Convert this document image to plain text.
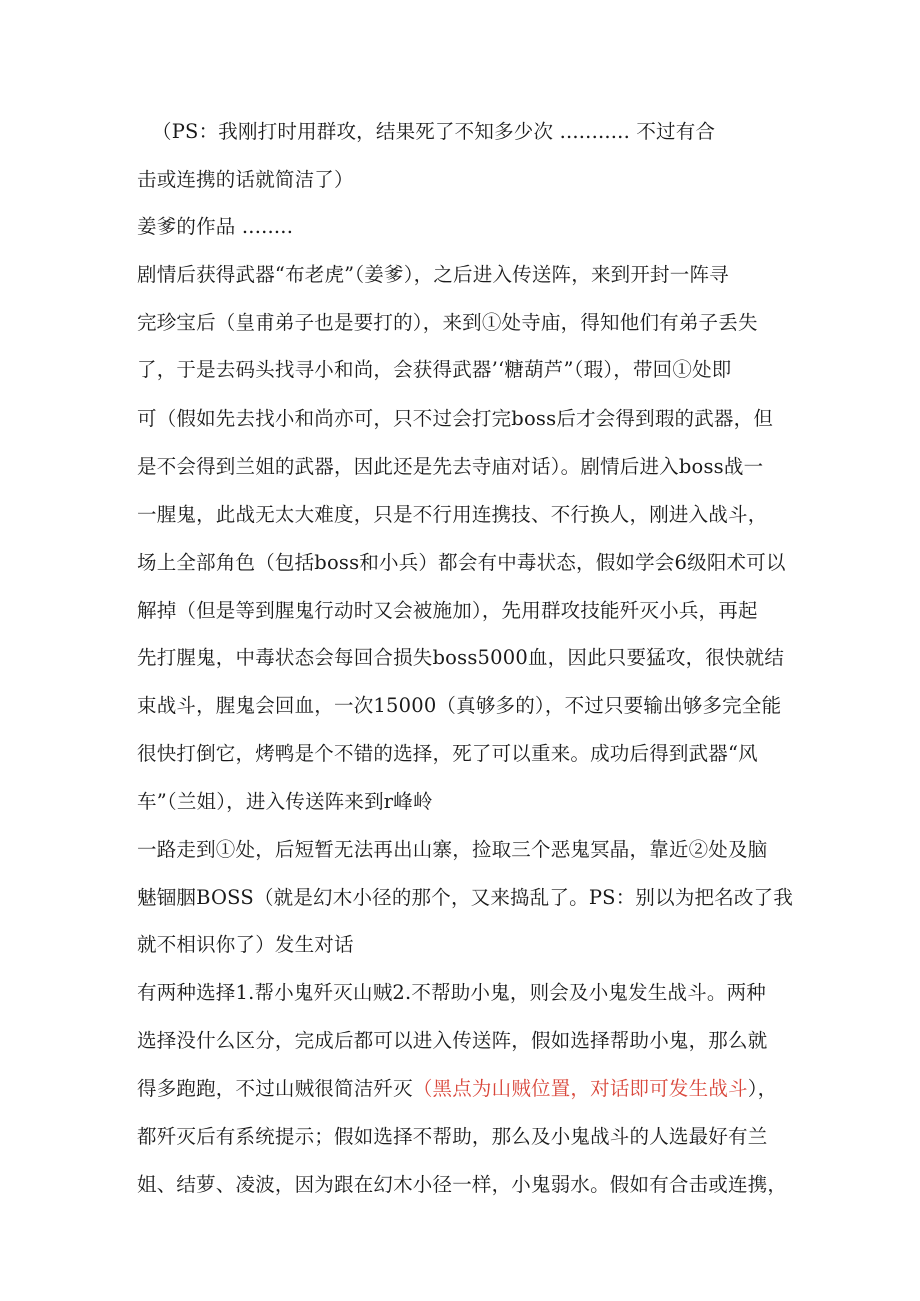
（PS：我刚打时用群攻，结果死了不知多少次 ........... 不过有合
击或连携的话就简洁了）
姜爹的作品 ........
剧情后获得武器“布老虎”（姜爹），之后进入传送阵，来到开封一阵寻
完珍宝后（皇甫弟子也是要打的），来到①处寺庙，得知他们有弟子丢失
了，于是去码头找寻小和尚，会获得武器’‘糖葫芦”（瑕），带回①处即
可（假如先去找小和尚亦可，只不过会打完boss后才会得到瑕的武器，但
是不会得到兰姐的武器，因此还是先去寺庙对话）。剧情后进入boss战一
一腥鬼，此战无太大难度，只是不行用连携技、不行换人，刚进入战斗，
场上全部角色（包括boss和小兵）都会有中毒状态，假如学会6级阳术可以
解掉（但是等到腥鬼行动时又会被施加），先用群攻技能歼灭小兵，再起
先打腥鬼，中毒状态会每回合损失boss5000血，因此只要猛攻，很快就结
束战斗，腥鬼会回血，一次15000（真够多的），不过只要输出够多完全能
很快打倒它，烤鸭是个不错的选择，死了可以重来。成功后得到武器“风
车”（兰姐），进入传送阵来到r峰岭
一路走到①处，后短暂无法再出山寨，捡取三个恶鬼冥晶，靠近②处及脑
魅锢胭BOSS（就是幻木小径的那个，又来捣乱了。PS：别以为把名改了我
就不相识你了）发生对话
有两种选择1.帮小鬼歼灭山贼2.不帮助小鬼，则会及小鬼发生战斗。两种
选择没什么区分，完成后都可以进入传送阵，假如选择帮助小鬼，那么就
得多跑跑，不过山贼很简洁歼灭（黑点为山贼位置，对话即可发生战斗），
都歼灭后有系统提示；假如选择不帮助，那么及小鬼战斗的人选最好有兰
姐、结萝、凌波，因为跟在幻木小径一样，小鬼弱水。假如有合击或连携，
